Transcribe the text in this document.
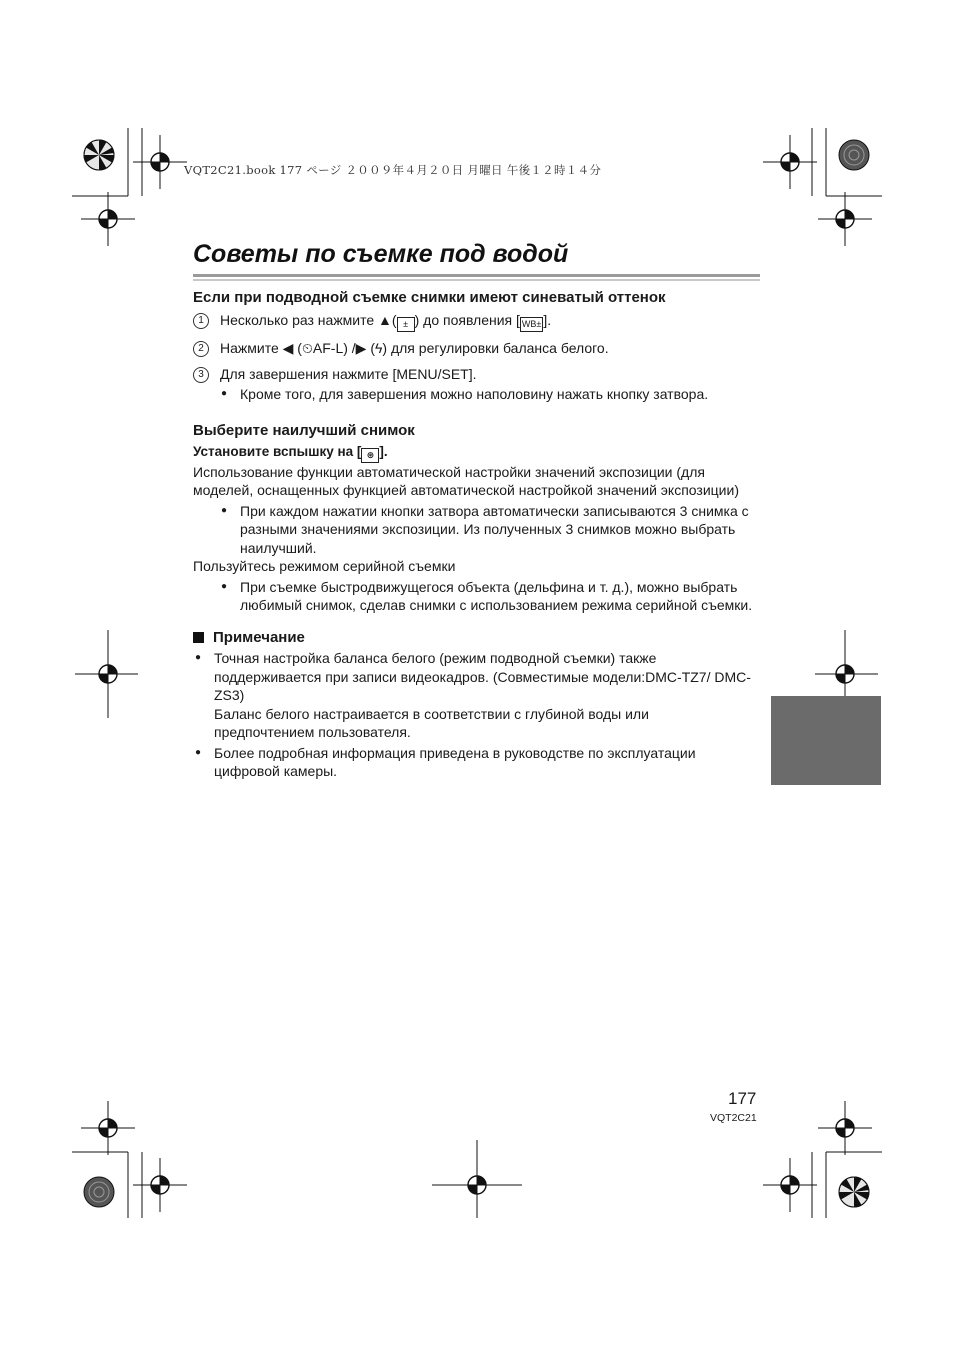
VQT2C21.book 177 ページ ２００９年４月２０日 月曜日 午後１２時１４分
Советы по съемке под водой
Если при подводной съемке снимки имеют синеватый оттенок
1	Несколько раз нажмите ▲( ± ) до появления [ WB± ].
2	Нажмите ◀ (⏲AF-L) /▶ (ϟ) для регулировки баланса белого.
3	Для завершения нажмите [MENU/SET].
● Кроме того, для завершения можно наполовину нажать кнопку затвора.
Выберите наилучший снимок
Установите вспышку на [ ⊛ ].

Использование функции автоматической настройки значений экспозиции (для моделей, оснащенных функцией автоматической настройкой значений экспозиции)

● При каждом нажатии кнопки затвора автоматически записываются 3 снимка с разными значениями экспозиции. Из полученных 3 снимков можно выбрать наилучший.

Пользуйтесь режимом серийной съемки

● При съемке быстродвижущегося объекта (дельфина и т. д.), можно выбрать любимый снимок, сделав снимки с использованием режима серийной съемки.
Примечание
● Точная настройка баланса белого (режим подводной съемки) также поддерживается при записи видеокадров. (Совместимые модели:DMC-TZ7/ DMC-ZS3)
Баланс белого настраивается в соответствии с глубиной воды или предпочтением пользователя.
● Более подробная информация приведена в руководстве по эксплуатации цифровой камеры.
177
VQT2C21
